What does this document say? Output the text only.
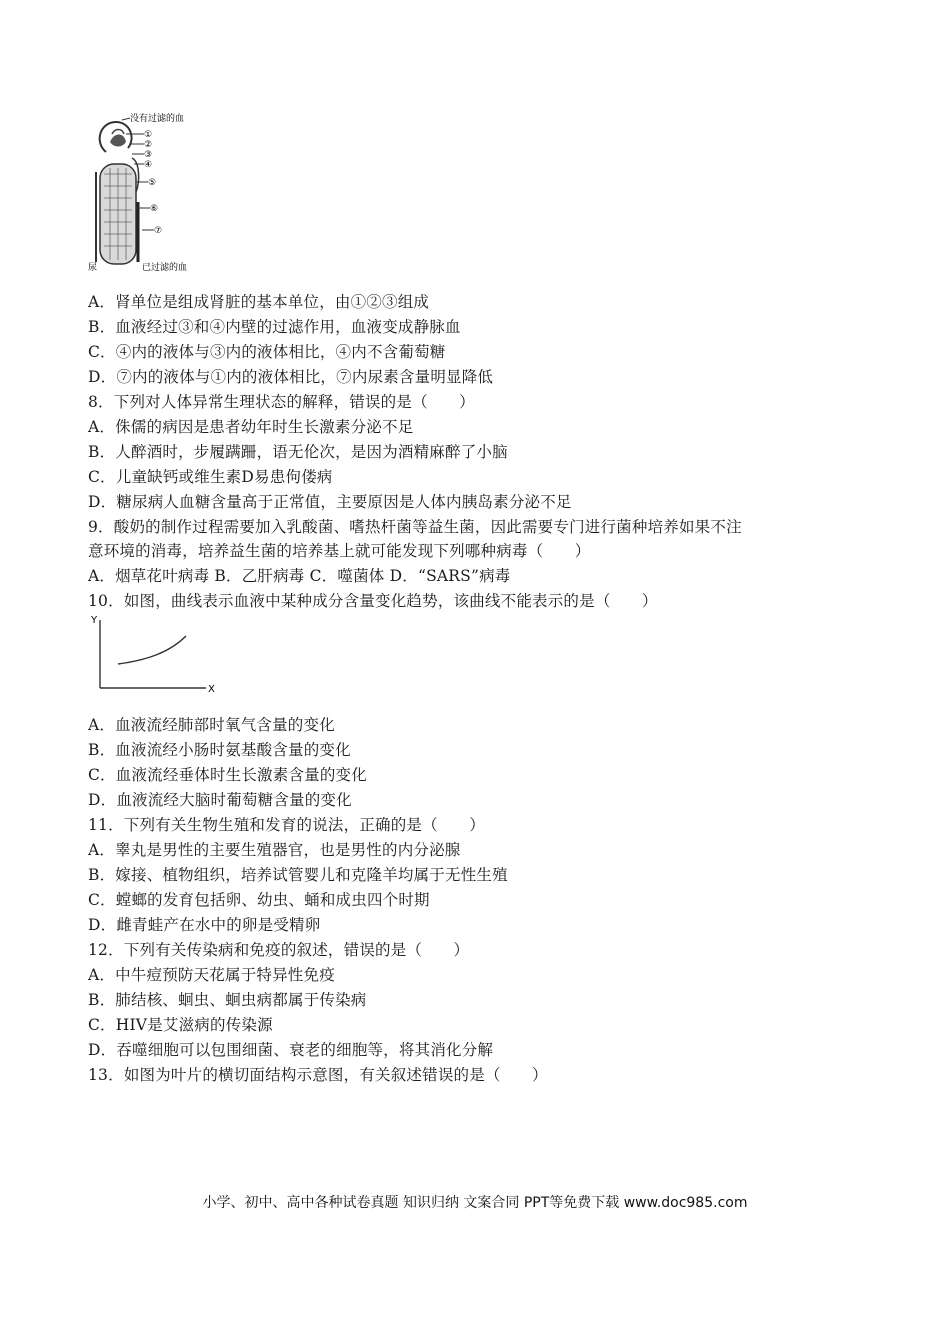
没有过滤的血
①
②
③
④
⑤
⑥
⑦
尿	已过滤的血
Y
X
A．肾单位是组成肾脏的基本单位，由①②③组成
B．血液经过③和④内壁的过滤作用，血液变成静脉血
C．④内的液体与③内的液体相比，④内不含葡萄糖
D．⑦内的液体与①内的液体相比，⑦内尿素含量明显降低
8．下列对人体异常生理状态的解释，错误的是（　　）
A．侏儒的病因是患者幼年时生长激素分泌不足
B．人醉酒时，步履蹒跚，语无伦次，是因为酒精麻醉了小脑
C．儿童缺钙或维生素D易患佝偻病
D．糖尿病人血糖含量高于正常值，主要原因是人体内胰岛素分泌不足
9．酸奶的制作过程需要加入乳酸菌、嗜热杆菌等益生菌，因此需要专门进行菌种培养如果不注
意环境的消毒，培养益生菌的培养基上就可能发现下列哪种病毒（　　）
A．烟草花叶病毒 B．乙肝病毒 C．噬菌体 D．“SARS”病毒
10．如图，曲线表示血液中某种成分含量变化趋势，该曲线不能表示的是（　　）
A．血液流经肺部时氧气含量的变化
B．血液流经小肠时氨基酸含量的变化
C．血液流经垂体时生长激素含量的变化
D．血液流经大脑时葡萄糖含量的变化
11．下列有关生物生殖和发育的说法，正确的是（　　）
A．睾丸是男性的主要生殖器官，也是男性的内分泌腺
B．嫁接、植物组织，培养试管婴儿和克隆羊均属于无性生殖
C．螳螂的发育包括卵、幼虫、蛹和成虫四个时期
D．雌青蛙产在水中的卵是受精卵
12．下列有关传染病和免疫的叙述，错误的是（　　）
A．中牛痘预防天花属于特异性免疫
B．肺结核、蛔虫、蛔虫病都属于传染病
C．HIV是艾滋病的传染源
D．吞噬细胞可以包围细菌、衰老的细胞等，将其消化分解
13．如图为叶片的横切面结构示意图，有关叙述错误的是（　　）
小学、初中、高中各种试卷真题 知识归纳 文案合同 PPT等免费下载 www.doc985.com
